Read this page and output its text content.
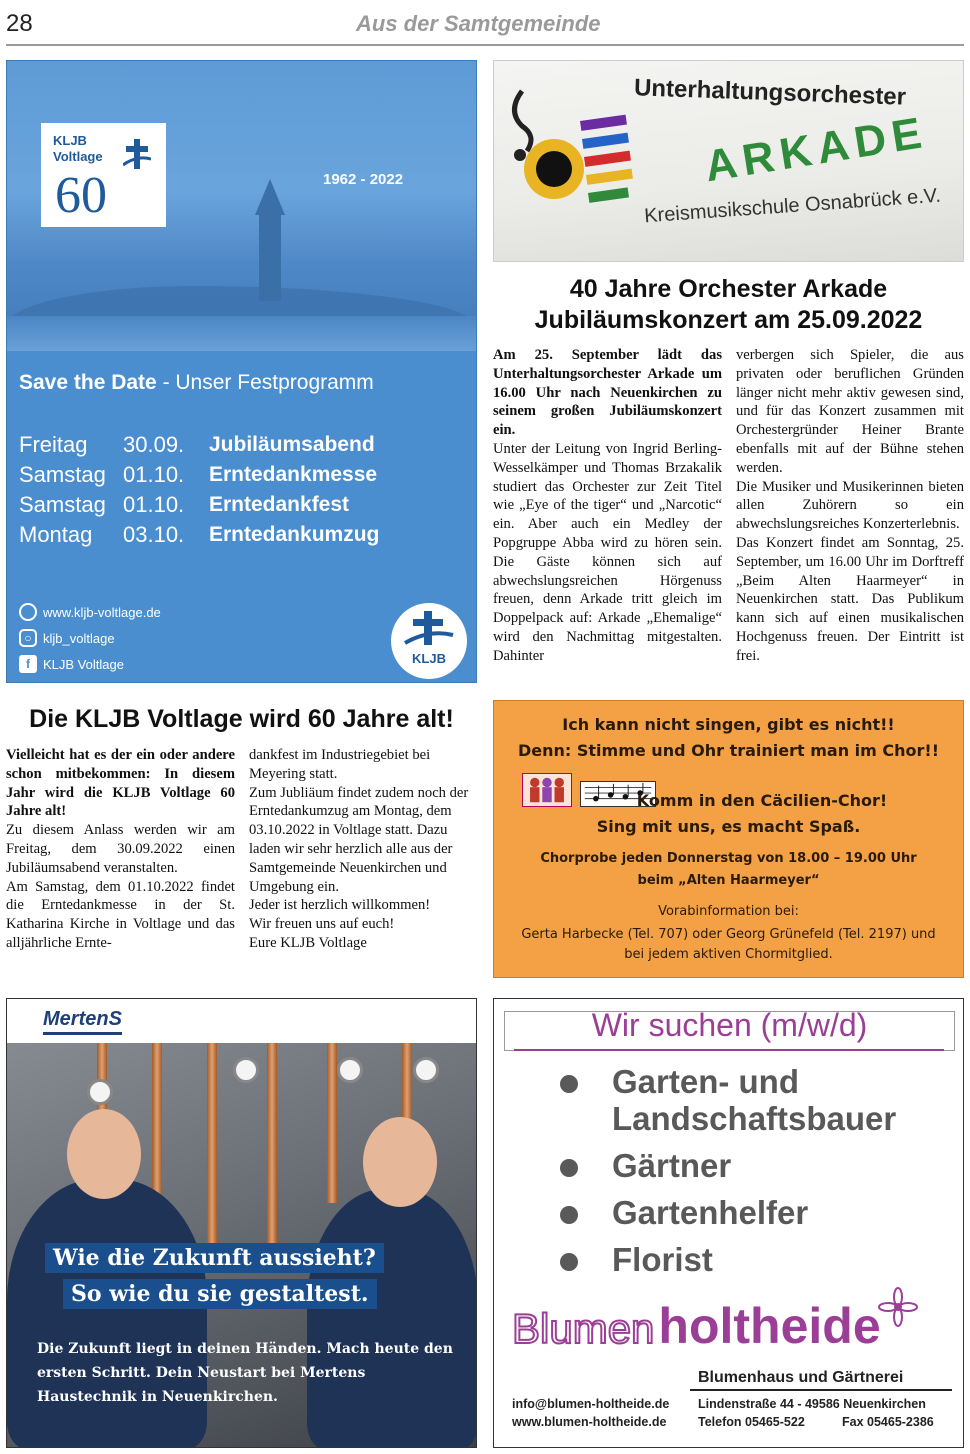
28	Aus der Samtgemeinde
KLJB
Voltlage
60	1962 - 2022
Save the Date - Unser Festprogramm
Freitag	30.09.	Jubiläumsabend
Samstag 01.10.	Erntedankmesse
Samstag 01.10.	Erntedankfest
Montag	03.10.	Erntedankumzug
www.kljb-voltlage.de
○ kljb_voltlage
f	KLJB Voltlage	KLJB
Unterhaltungsorchester
ARKADE
Kreismusikschule Osnabrück e.V.
40 Jahre Orchester Arkade
Jubiläumskonzert am 25.09.2022

Am 25. September lädt das Unterhaltungsorchester Arkade um 16.00 Uhr nach Neuenkirchen zu seinem großen Jubiläumskonzert ein.

Unter der Leitung von Ingrid Berling-Wesselkämper und Thomas Brzakalik studiert das Orchester zur Zeit Titel wie „Eye of the tiger“ und „Narcotic“ ein. Aber auch ein Medley der Popgruppe Abba wird zu hören sein. Die Gäste können sich auf abwechslungsreichen Hörgenuss freuen, denn Arkade tritt gleich im Doppelpack auf: Arkade „Ehemalige“ wird den Nachmittag mitgestalten. Dahinter

verbergen sich Spieler, die aus privaten oder beruflichen Gründen länger nicht mehr aktiv gewesen sind, und für das Konzert zusammen mit Orchestergründer Heiner Brante ebenfalls mit auf der Bühne stehen werden.

Die Musiker und Musikerinnen bieten allen Zuhörern so ein abwechslungsreiches Konzerterlebnis.

Das Konzert findet am Sonntag, 25. September, um 16.00 Uhr im Dorftreff „Beim Alten Haarmeyer“ in Neuenkirchen statt. Das Publikum kann sich auf einen musikalischen Hochgenuss freuen. Der Eintritt ist frei.

Die KLJB Voltlage wird 60 Jahre alt!

Vielleicht hat es der ein oder andere schon mitbekommen: In diesem Jahr wird die KLJB Voltlage 60 Jahre alt!

Zu diesem Anlass werden wir am Freitag, dem 30.09.2022 einen Jubiläumsabend veranstalten.

Am Samstag, dem 01.10.2022 findet die Erntedankmesse in der St. Katharina Kirche in Voltlage und das alljährliche Ernte-

dankfest im Industriegebiet bei Meyering statt.

Zum Jubliäum findet zudem noch der Erntedankumzug am Montag, dem 03.10.2022 in Voltlage statt. Dazu laden wir sehr herzlich alle aus der Samtgemeinde Neuenkirchen und Umgebung ein.

Jeder ist herzlich willkommen!

Wir freuen uns auf euch!

Eure KLJB Voltlage

Ich kann nicht singen, gibt es nicht!!
Denn: Stimme und Ohr trainiert man im Chor!!
Komm in den Cäcilien-Chor!
Sing mit uns, es macht Spaß.
Chorprobe jeden Donnerstag von 18.00 – 19.00 Uhr
beim „Alten Haarmeyer“
Vorabinformation bei:
Gerta Harbecke (Tel. 707) oder Georg Grünefeld (Tel. 2197) und
bei jedem aktiven Chormitglied.
MertenS
Wie die Zukunft aussieht?
So wie du sie gestaltest.
Die Zukunft liegt in deinen Händen. Mach heute den ersten Schritt. Dein Neustart bei Mertens Haustechnik in Neuenkirchen.
Wir suchen (m/w/d)
Garten- und Landschaftsbauer
Gärtner
Gartenhelfer
Florist
Blumenholtheide
Blumenhaus und Gärtnerei
info@blumen-holtheide.de
www.blumen-holtheide.de
Lindenstraße 44 - 49586 Neuenkirchen
Telefon 05465-522	Fax 05465-2386
